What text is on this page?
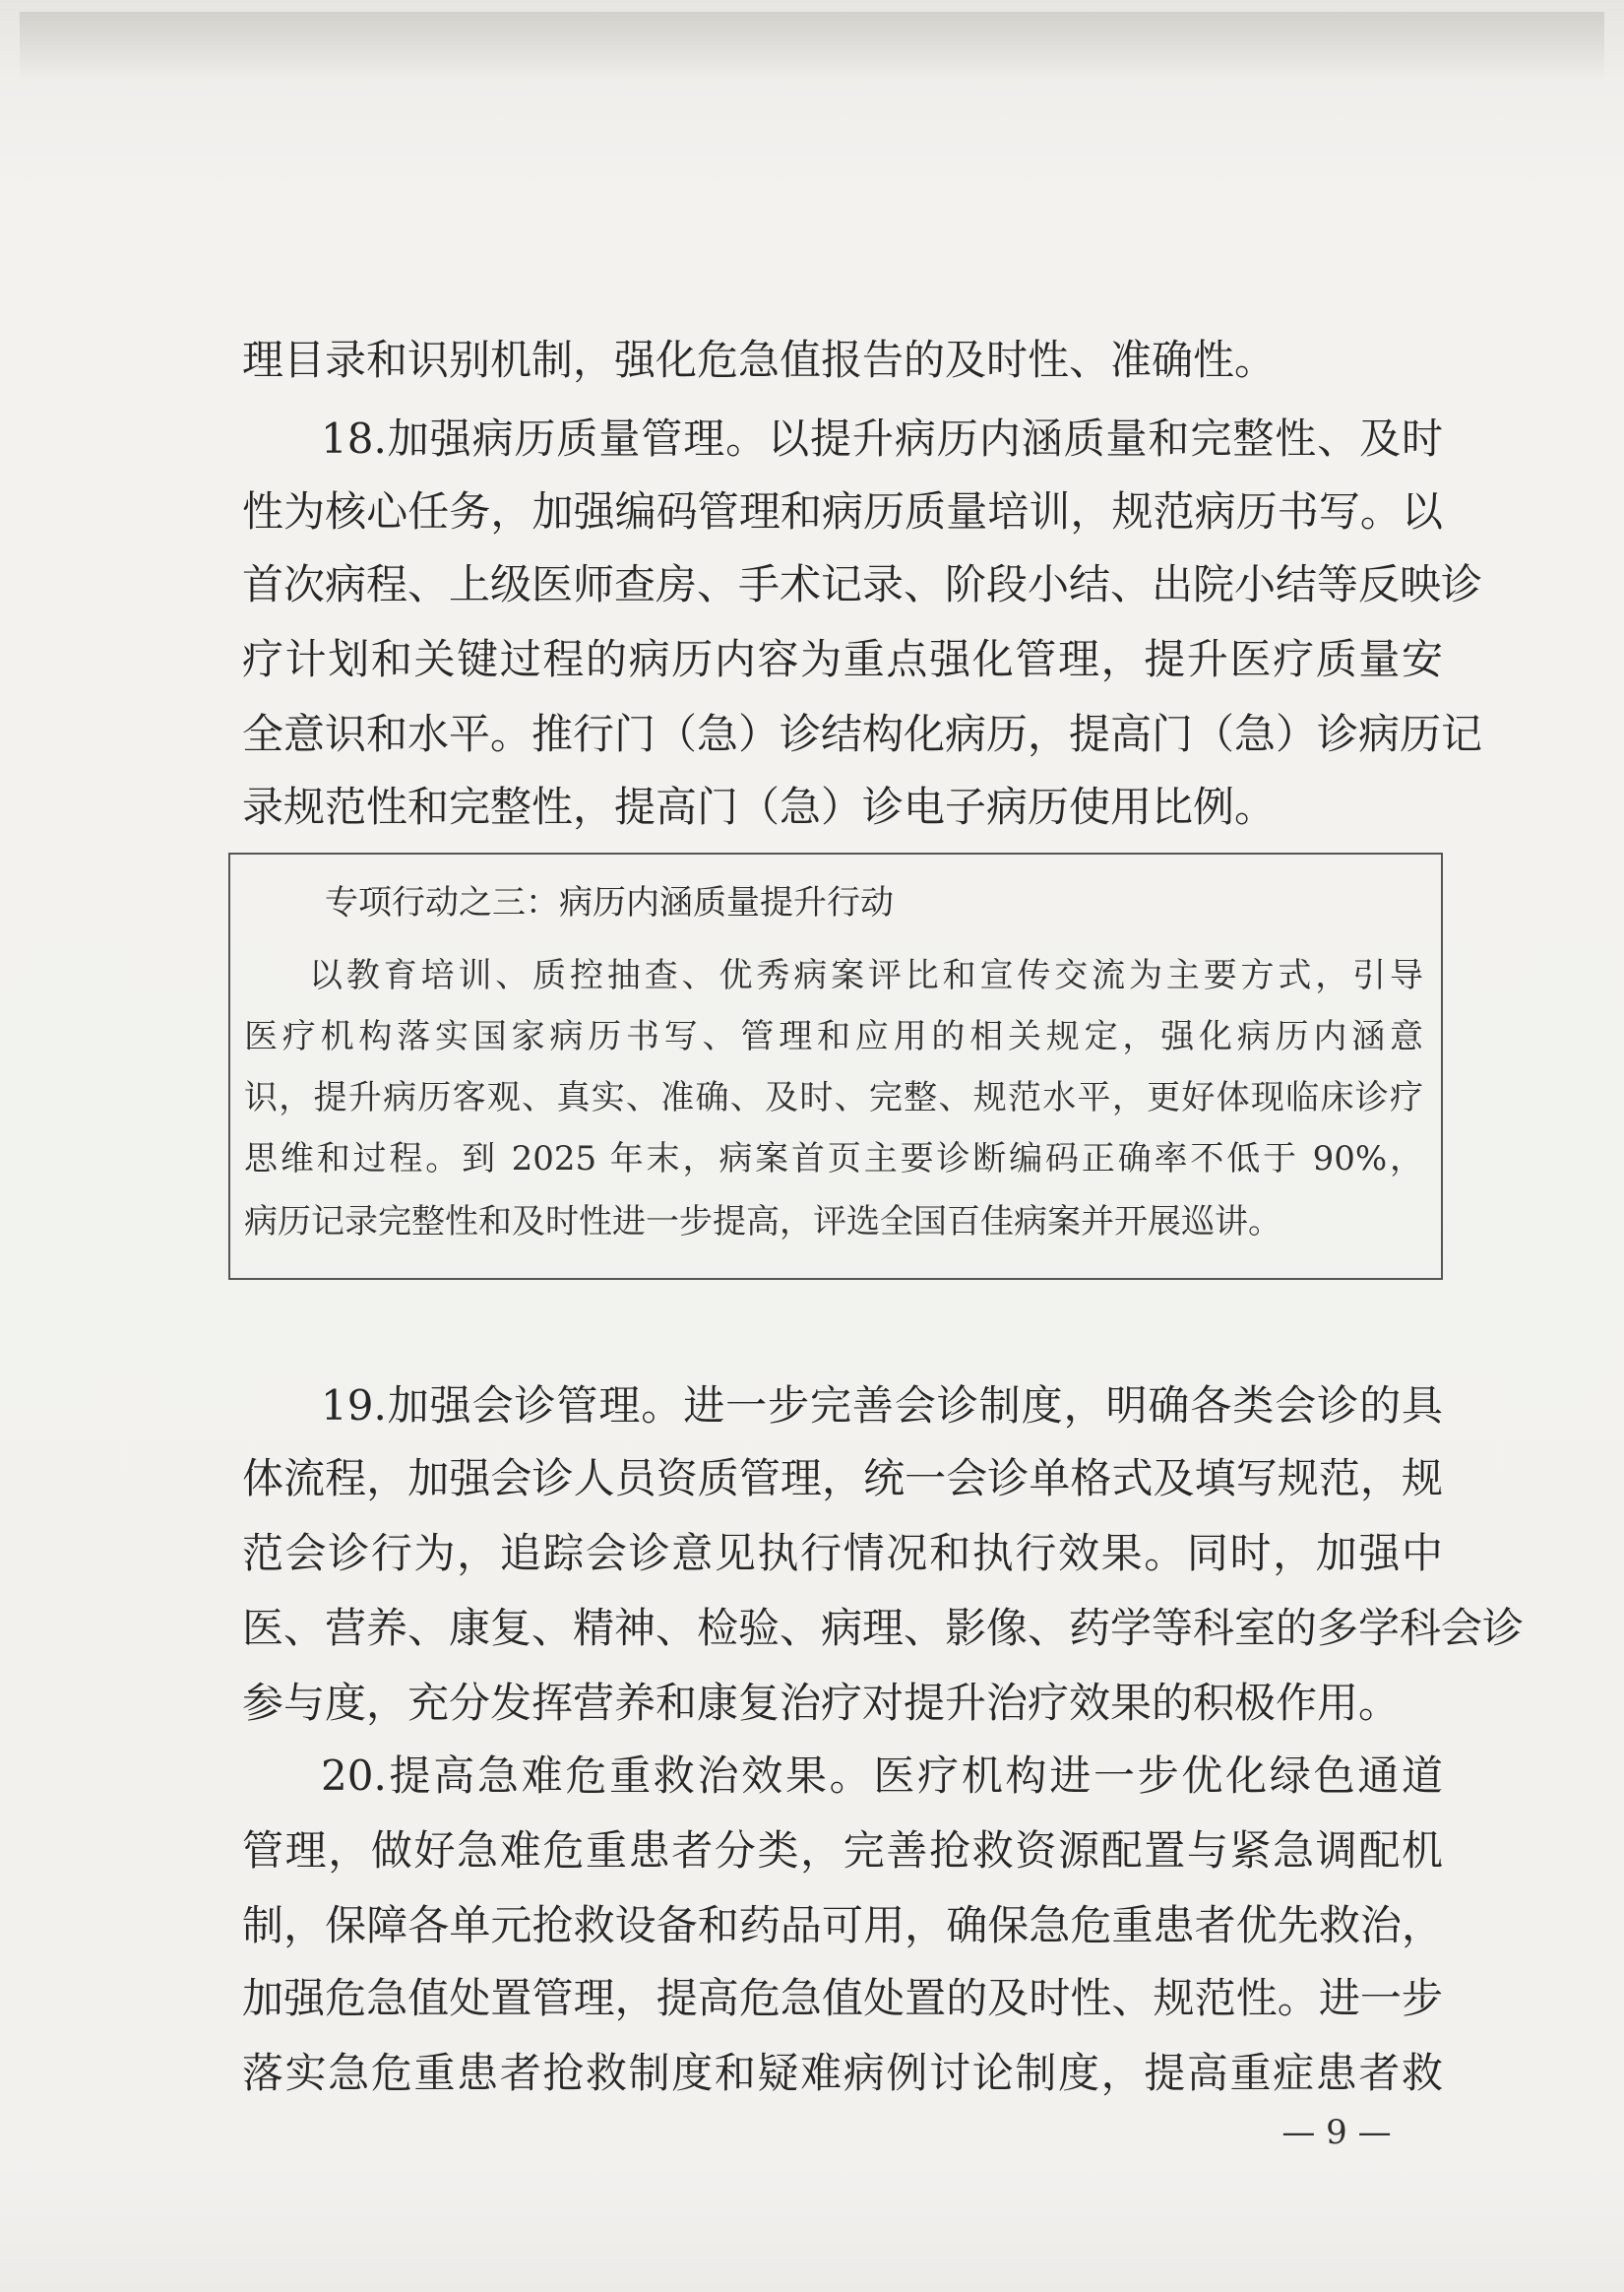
理目录和识别机制，强化危急值报告的及时性、准确性。
18.加强病历质量管理。以提升病历内涵质量和完整性、及时
性为核心任务，加强编码管理和病历质量培训，规范病历书写。以
首次病程、上级医师查房、手术记录、阶段小结、出院小结等反映诊
疗计划和关键过程的病历内容为重点强化管理，提升医疗质量安
全意识和水平。推行门（急）诊结构化病历，提高门（急）诊病历记
录规范性和完整性，提高门（急）诊电子病历使用比例。
专项行动之三：病历内涵质量提升行动
以教育培训、质控抽查、优秀病案评比和宣传交流为主要方式，引导
医疗机构落实国家病历书写、管理和应用的相关规定，强化病历内涵意
识，提升病历客观、真实、准确、及时、完整、规范水平，更好体现临床诊疗
思维和过程。到 2025 年末，病案首页主要诊断编码正确率不低于 90%，
病历记录完整性和及时性进一步提高，评选全国百佳病案并开展巡讲。
19.加强会诊管理。进一步完善会诊制度，明确各类会诊的具
体流程，加强会诊人员资质管理，统一会诊单格式及填写规范，规
范会诊行为，追踪会诊意见执行情况和执行效果。同时，加强中
医、营养、康复、精神、检验、病理、影像、药学等科室的多学科会诊
参与度，充分发挥营养和康复治疗对提升治疗效果的积极作用。
20.提高急难危重救治效果。医疗机构进一步优化绿色通道
管理，做好急难危重患者分类，完善抢救资源配置与紧急调配机
制，保障各单元抢救设备和药品可用，确保急危重患者优先救治，
加强危急值处置管理，提高危急值处置的及时性、规范性。进一步
落实急危重患者抢救制度和疑难病例讨论制度，提高重症患者救
— 9 —
